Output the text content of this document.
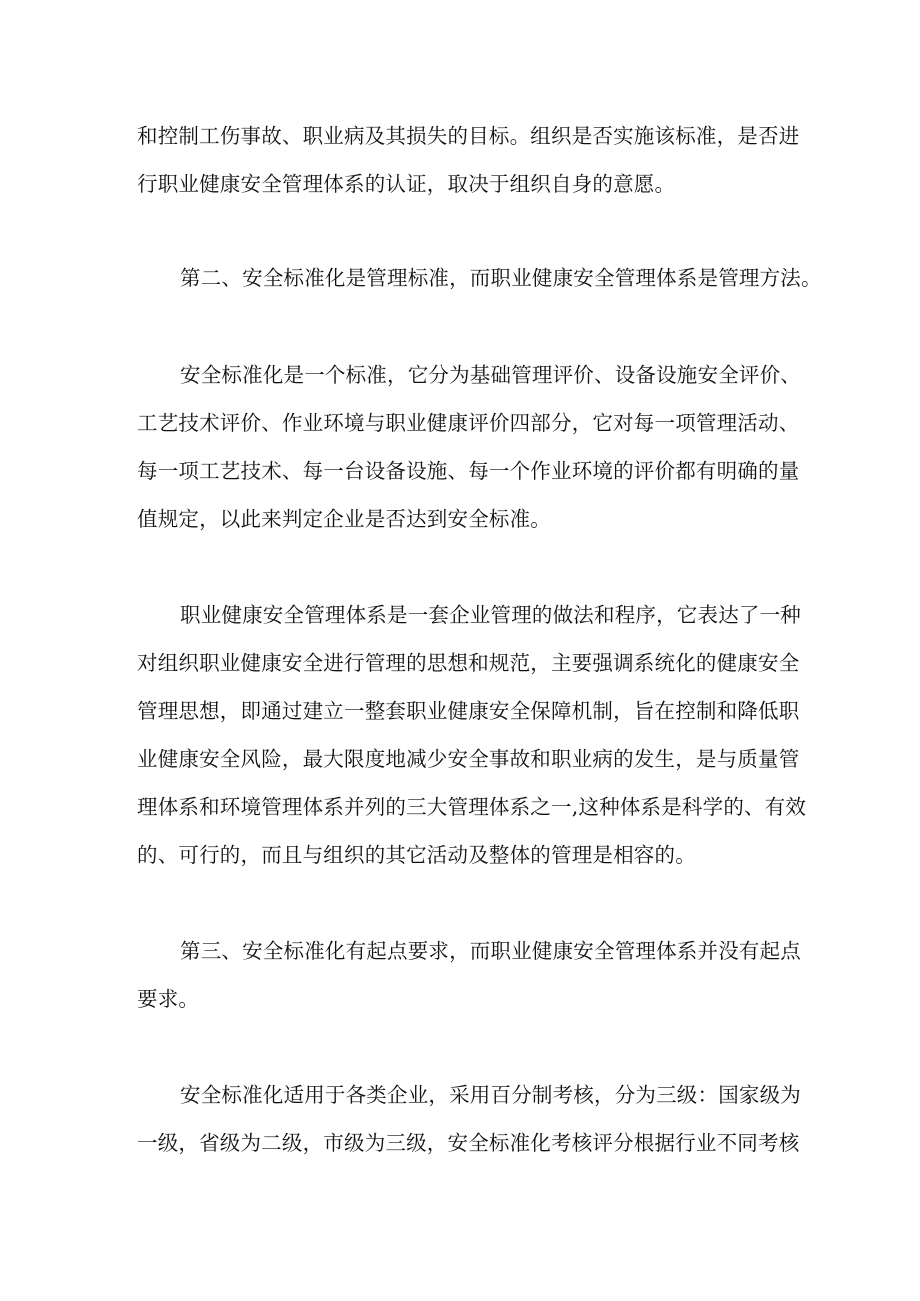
和控制工伤事故、职业病及其损失的目标。组织是否实施该标准，是否进
行职业健康安全管理体系的认证，取决于组织自身的意愿。
第二、安全标准化是管理标准，而职业健康安全管理体系是管理方法。
安全标准化是一个标准，它分为基础管理评价、设备设施安全评价、
工艺技术评价、作业环境与职业健康评价四部分，它对每一项管理活动、
每一项工艺技术、每一台设备设施、每一个作业环境的评价都有明确的量
值规定，以此来判定企业是否达到安全标准。
职业健康安全管理体系是一套企业管理的做法和程序，它表达了一种
对组织职业健康安全进行管理的思想和规范，主要强调系统化的健康安全
管理思想，即通过建立一整套职业健康安全保障机制，旨在控制和降低职
业健康安全风险，最大限度地减少安全事故和职业病的发生，是与质量管
理体系和环境管理体系并列的三大管理体系之一,这种体系是科学的、有效
的、可行的，而且与组织的其它活动及整体的管理是相容的。
第三、安全标准化有起点要求，而职业健康安全管理体系并没有起点
要求。
安全标准化适用于各类企业，采用百分制考核，分为三级：国家级为
一级，省级为二级，市级为三级，安全标准化考核评分根据行业不同考核
